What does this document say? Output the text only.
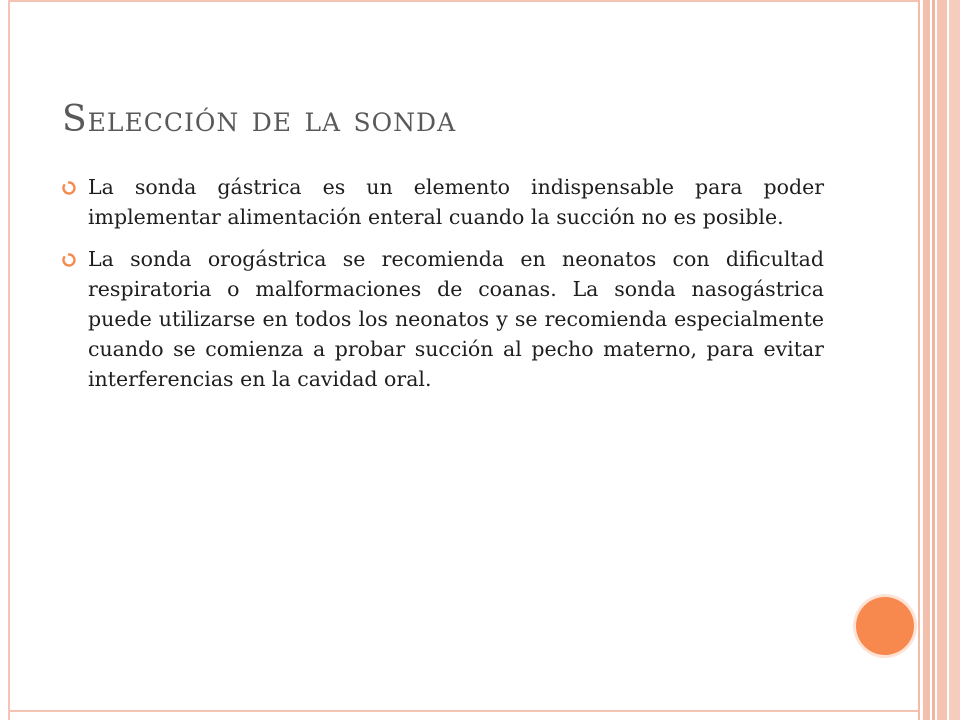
Selección de la sonda
La sonda gástrica es un elemento indispensable para poder implementar alimentación enteral cuando la succión no es posible.
La sonda orogástrica se recomienda en neonatos con dificultad respiratoria o malformaciones de coanas. La sonda nasogástrica puede utilizarse en todos los neonatos y se recomienda especialmente cuando se comienza a probar succión al pecho materno, para evitar interferencias en la cavidad oral.
